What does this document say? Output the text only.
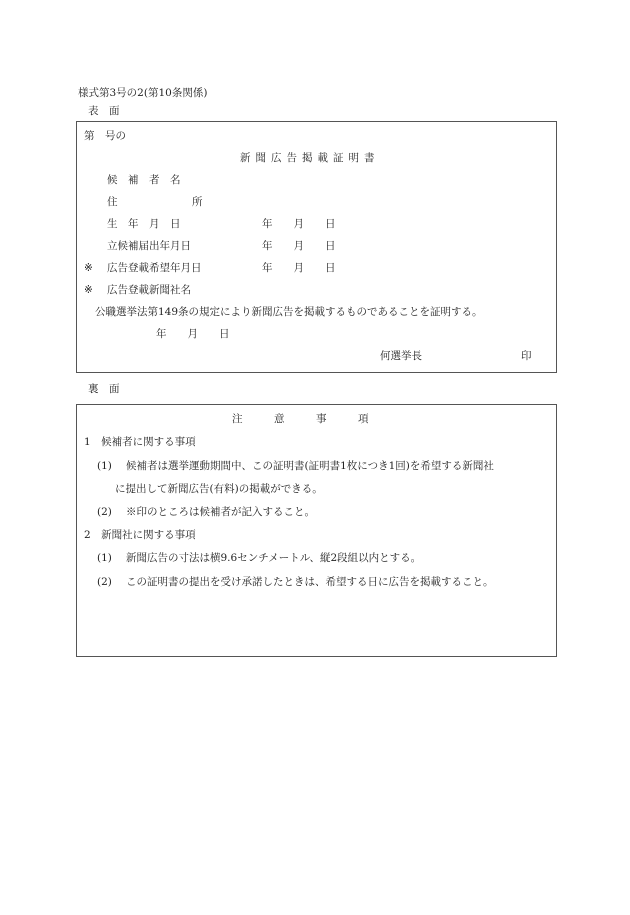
様式第3号の2(第10条関係)
表　面
第　号の
新聞広告掲載証明書
候　補　者　名
住	所
生　年　月　日	年　　月　　日
立候補届出年月日	年　　月　　日
※ 広告登載希望年月日	年　　月　　日
※ 広告登載新聞社名
公職選挙法第149条の規定により新聞広告を掲載するものであることを証明する。
年　　月　　日
何選挙長	印
裏　面
注　　　意　　　事　　　項
1　候補者に関する事項
(1) 候補者は選挙運動期間中、この証明書(証明書1枚につき1回)を希望する新聞社
に提出して新聞広告(有料)の掲載ができる。
(2) ※印のところは候補者が記入すること。
2　新聞社に関する事項
(1) 新聞広告の寸法は横9.6センチメートル、縦2段組以内とする。
(2) この証明書の提出を受け承諾したときは、希望する日に広告を掲載すること。
